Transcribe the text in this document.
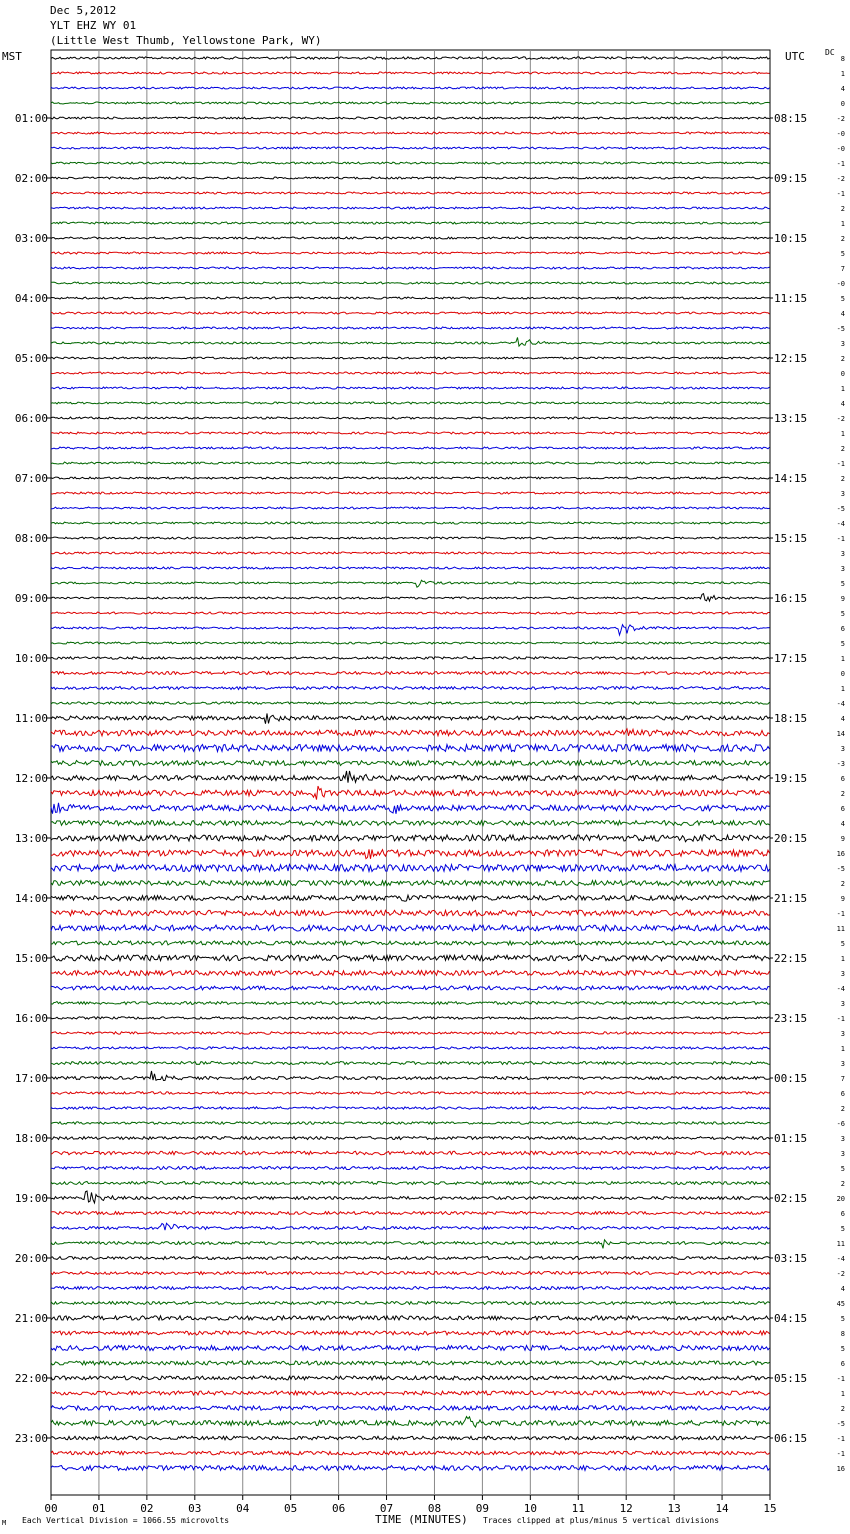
Dec 5,2012
YLT EHZ WY 01
(Little West Thumb, Yellowstone Park, WY)
MST	UTC	DC
00	01	02	03	04	05	06	07	08	09	10	11	12	13	14	15
01:00
02:00
03:00
04:00
05:00
06:00
07:00
08:00
09:00
10:00
11:00
12:00
13:00
14:00
15:00
16:00
17:00
18:00
19:00
20:00
21:00
22:00
23:00
08:15
09:15
10:15
11:15
12:15
13:15
14:15
15:15
16:15
17:15
18:15
19:15
20:15
21:15
22:15
23:15
00:15
01:15
02:15
03:15
04:15
05:15
06:15
8
1
4
0
-2
-0
-0
-1
-2
-1
2
1
2
5
7
-0
5
4
-5
3
2
0
1
4
-2
1
2
-1
2
3
-5
-4
-1
3
3
5
9
5
6
5
1
0
1
-4
4
14
3
-3
6
2
6
4
9
16
-5
2
9
-1
11
5
1
3
-4
3
-1
3
1
3
7
6
2
-6
3
3
5
2
20
6
5
11
-4
-2
4
45
5
8
5
6
-1
1
2
-5
-1
-1
16
M Each Vertical Division = 1066.55 microvolts	TIME (MINUTES) Traces clipped at plus/minus 5 vertical divisions
